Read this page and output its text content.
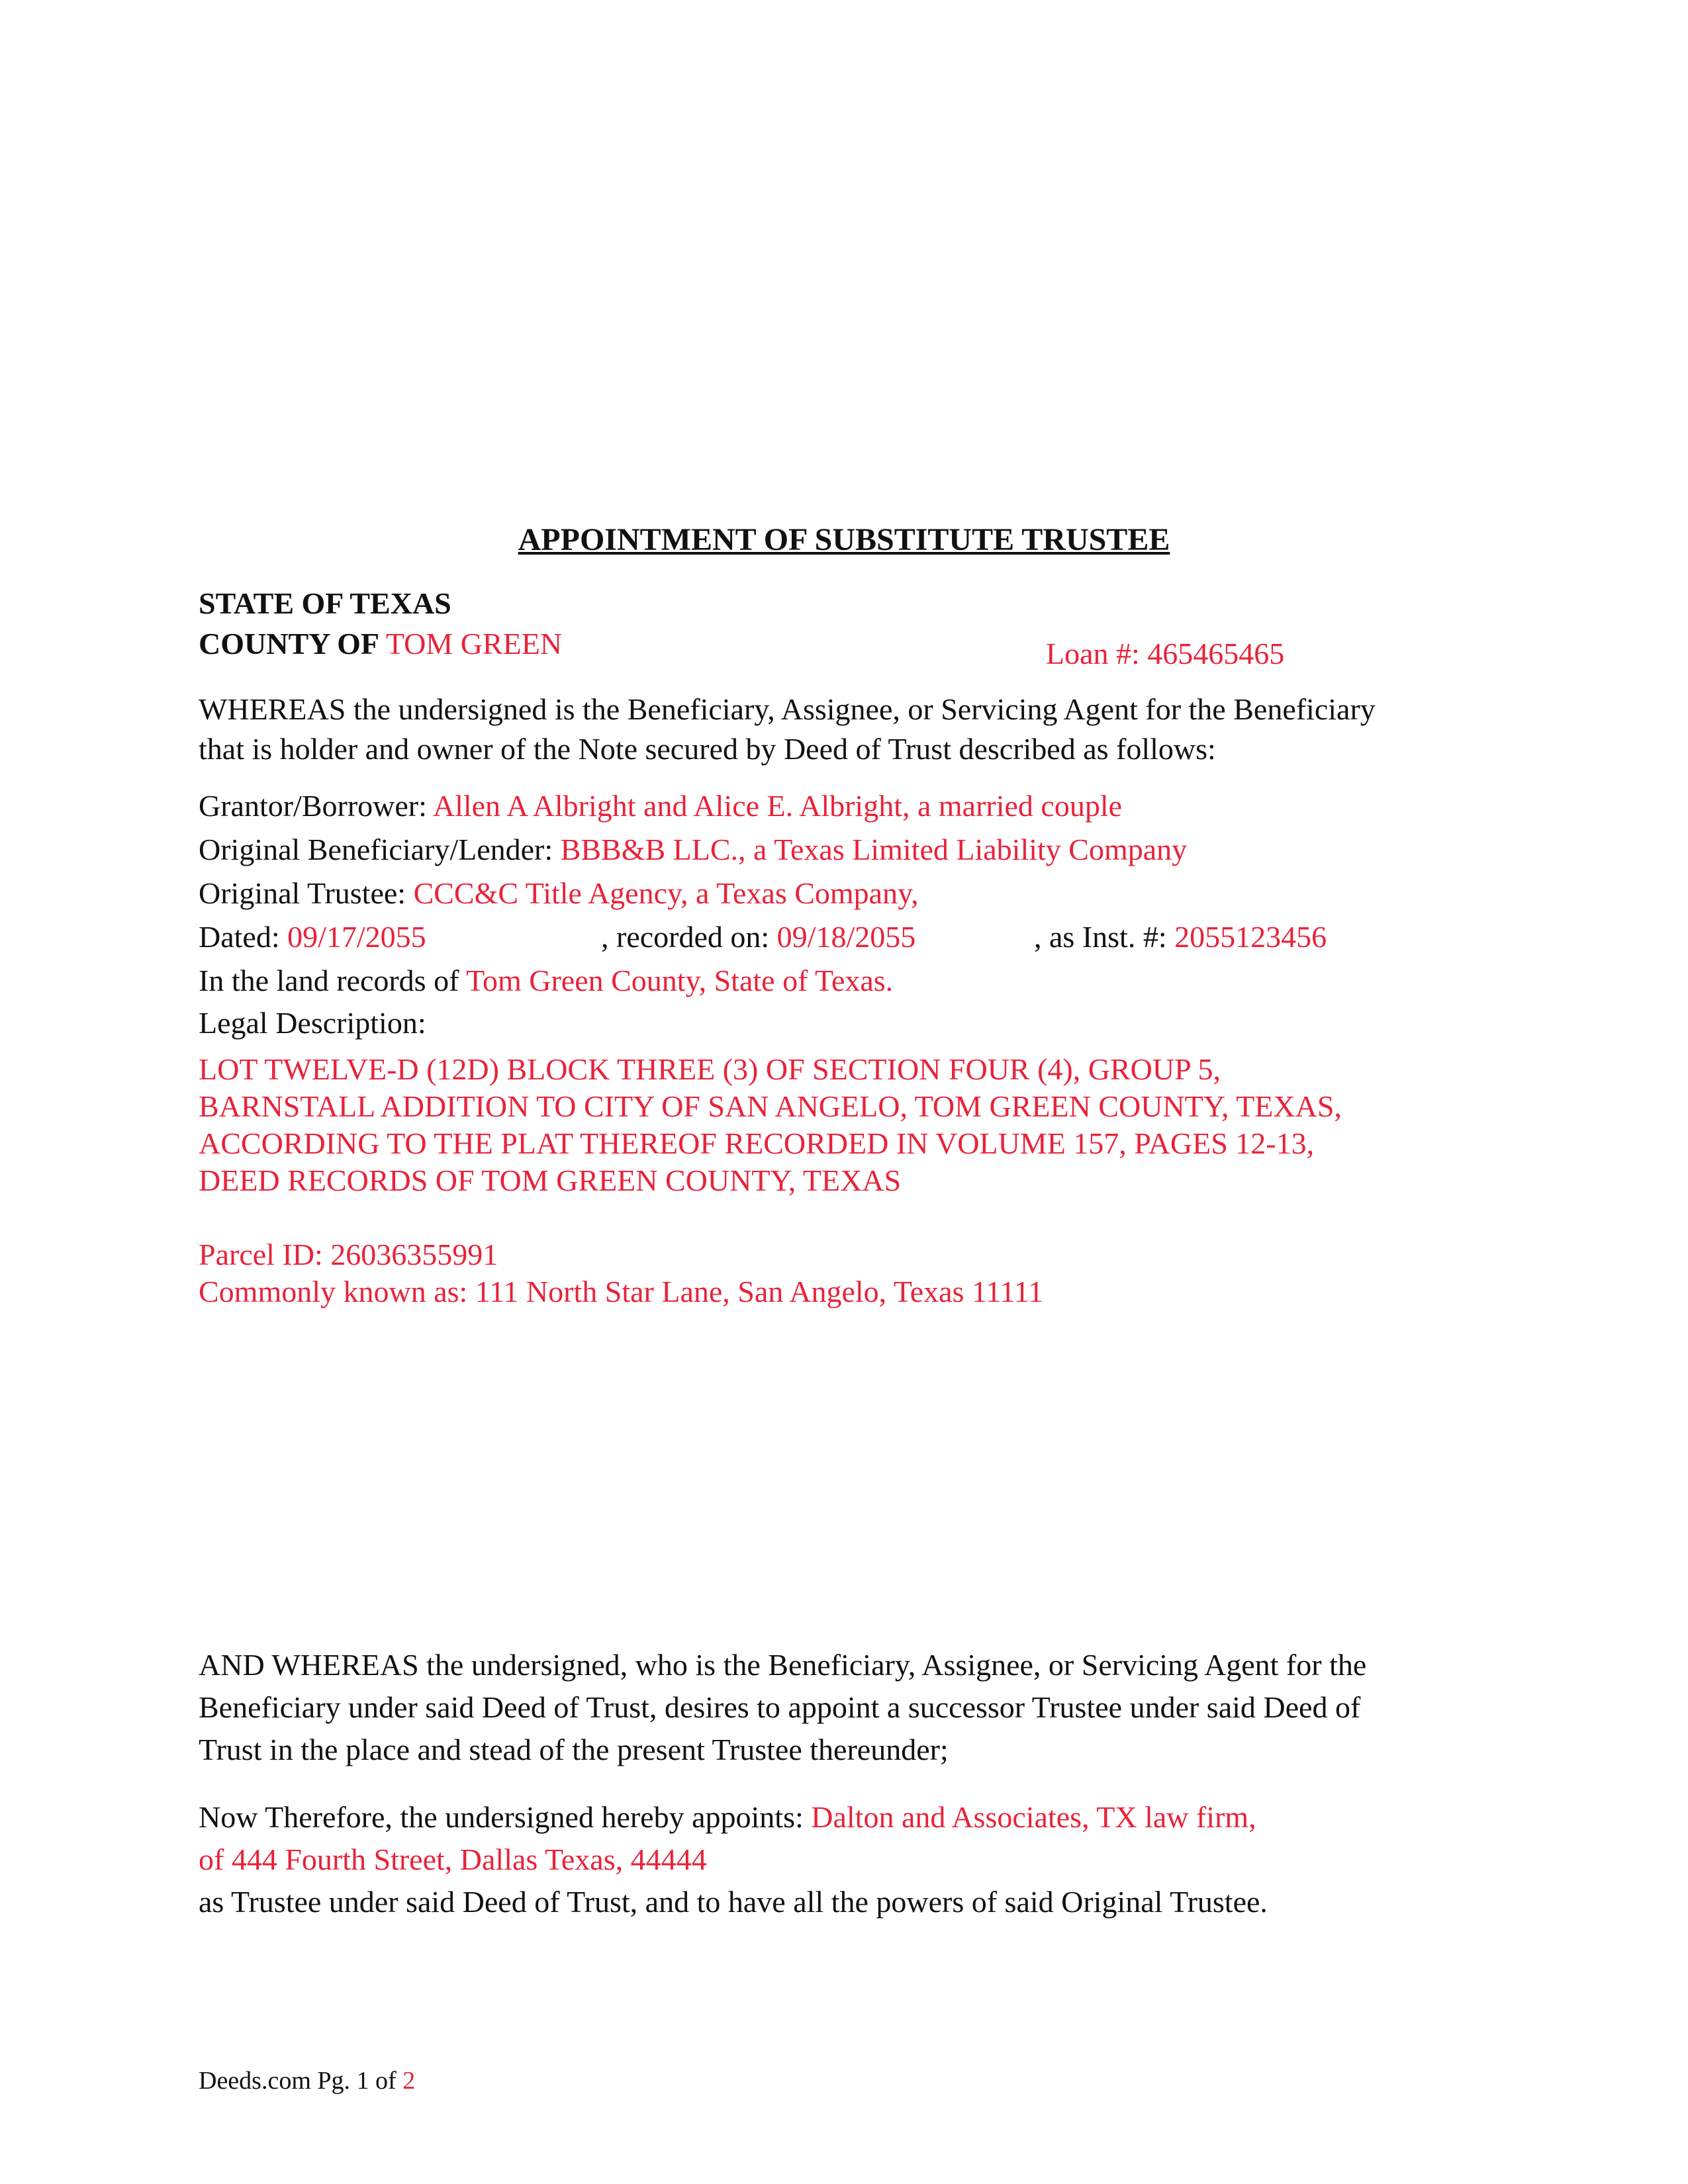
APPOINTMENT OF SUBSTITUTE TRUSTEE
STATE OF TEXAS
COUNTY OF TOM GREEN	Loan #: 465465465
WHEREAS the undersigned is the Beneficiary, Assignee, or Servicing Agent for the Beneficiary
that is holder and owner of the Note secured by Deed of Trust described as follows:
Grantor/Borrower: Allen A Albright and Alice E. Albright, a married couple
Original Beneficiary/Lender: BBB&B LLC., a Texas Limited Liability Company
Original Trustee: CCC&C Title Agency, a Texas Company,
Dated: 09/17/2055	, recorded on: 09/18/2055	, as Inst. #: 2055123456
In the land records of Tom Green County, State of Texas.
Legal Description:
LOT TWELVE-D (12D) BLOCK THREE (3) OF SECTION FOUR (4), GROUP 5,
BARNSTALL ADDITION TO CITY OF SAN ANGELO, TOM GREEN COUNTY, TEXAS,
ACCORDING TO THE PLAT THEREOF RECORDED IN VOLUME 157, PAGES 12-13,
DEED RECORDS OF TOM GREEN COUNTY, TEXAS
Parcel ID: 26036355991
Commonly known as: 111 North Star Lane, San Angelo, Texas 11111
AND WHEREAS the undersigned, who is the Beneficiary, Assignee, or Servicing Agent for the
Beneficiary under said Deed of Trust, desires to appoint a successor Trustee under said Deed of
Trust in the place and stead of the present Trustee thereunder;
Now Therefore, the undersigned hereby appoints: Dalton and Associates, TX law firm,
of 444 Fourth Street, Dallas Texas, 44444
as Trustee under said Deed of Trust, and to have all the powers of said Original Trustee.
Deeds.com Pg. 1 of 2
